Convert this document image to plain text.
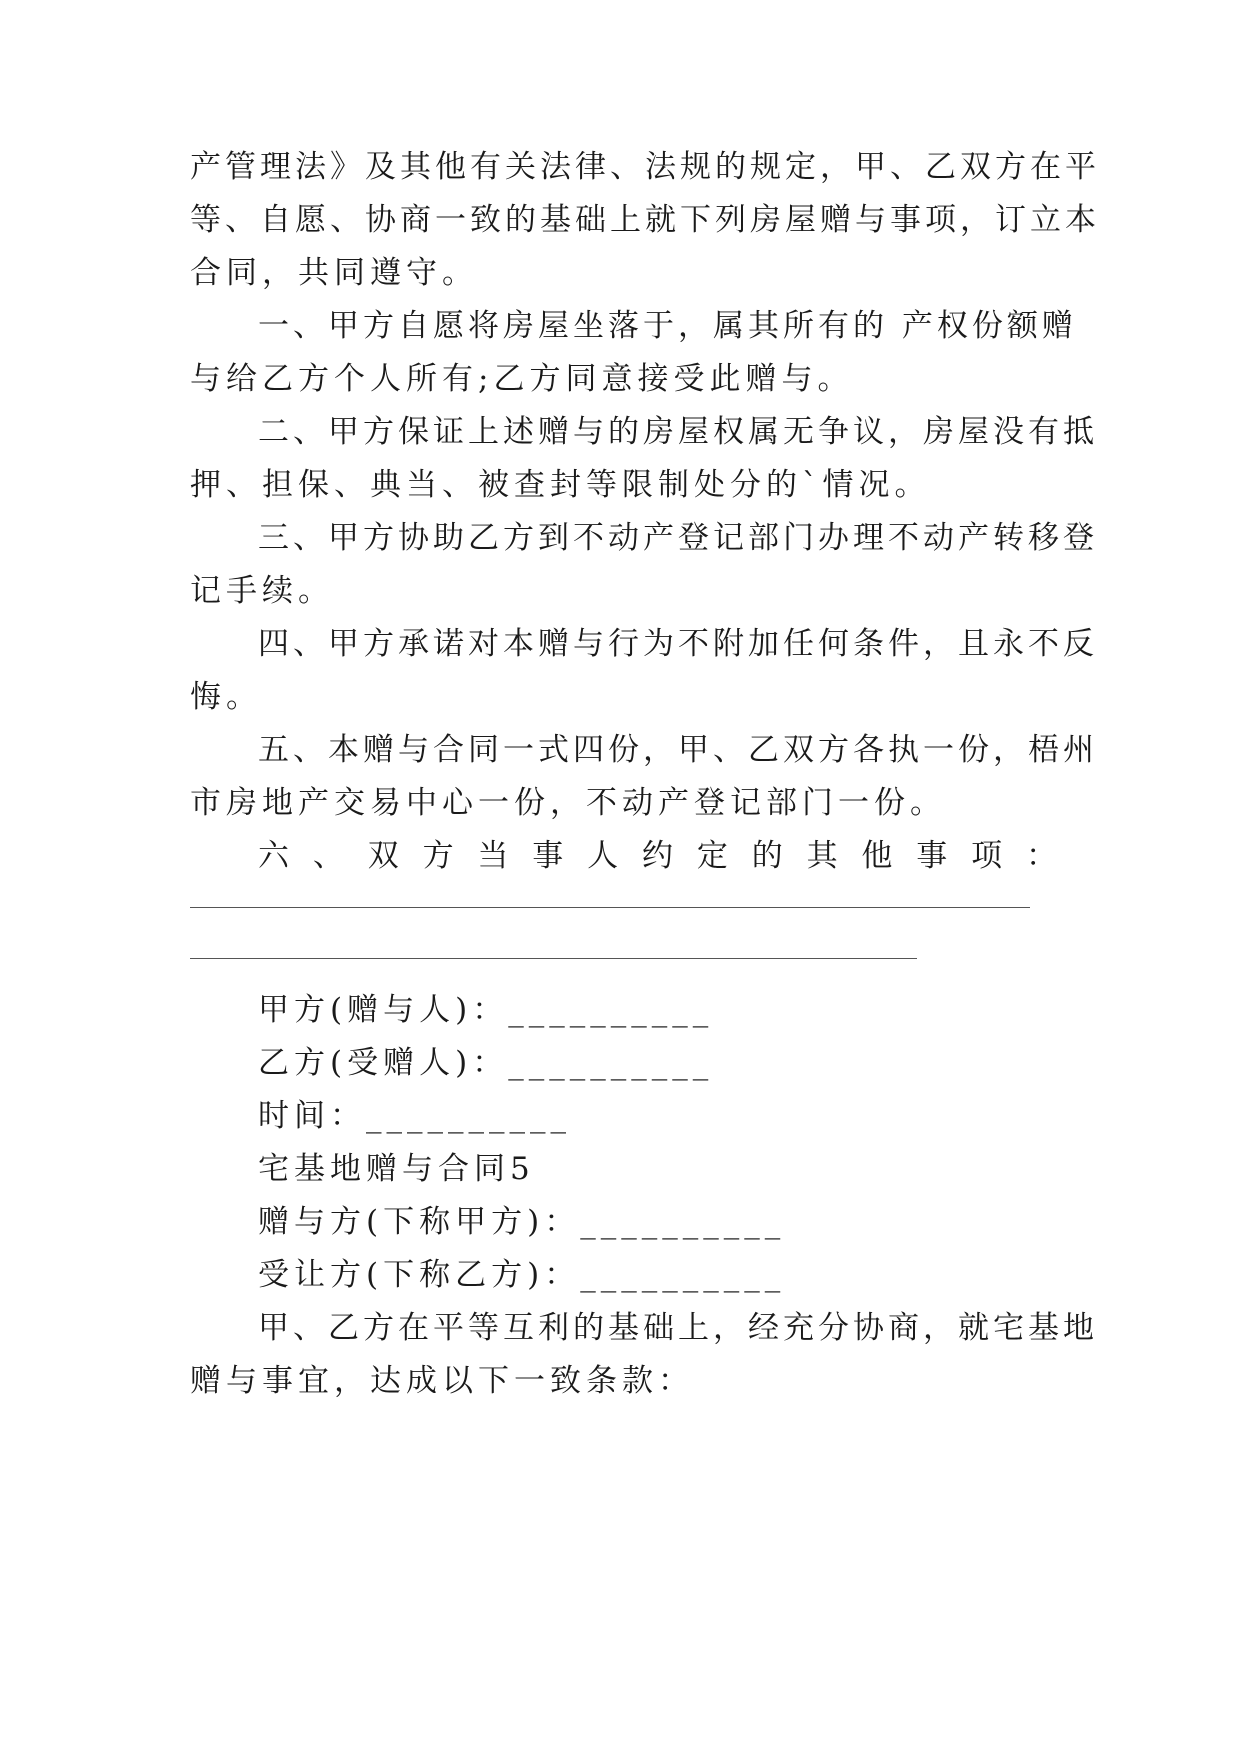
产管理法》及其他有关法律、法规的规定，甲、乙双方在平
等、自愿、协商一致的基础上就下列房屋赠与事项，订立本
合同，共同遵守。
一、甲方自愿将房屋坐落于，属其所有的 产权份额赠
与给乙方个人所有;乙方同意接受此赠与。
二、甲方保证上述赠与的房屋权属无争议，房屋没有抵
押、担保、典当、被查封等限制处分的`情况。
三、甲方协助乙方到不动产登记部门办理不动产转移登
记手续。
四、甲方承诺对本赠与行为不附加任何条件，且永不反
悔。
五、本赠与合同一式四份，甲、乙双方各执一份，梧州
市房地产交易中心一份，不动产登记部门一份。
六、双方当事人约定的其他事项：
甲方(赠与人)：__________
乙方(受赠人)：__________
时间：__________
宅基地赠与合同5
赠与方(下称甲方)：__________
受让方(下称乙方)：__________
甲、乙方在平等互利的基础上，经充分协商，就宅基地
赠与事宜，达成以下一致条款：
